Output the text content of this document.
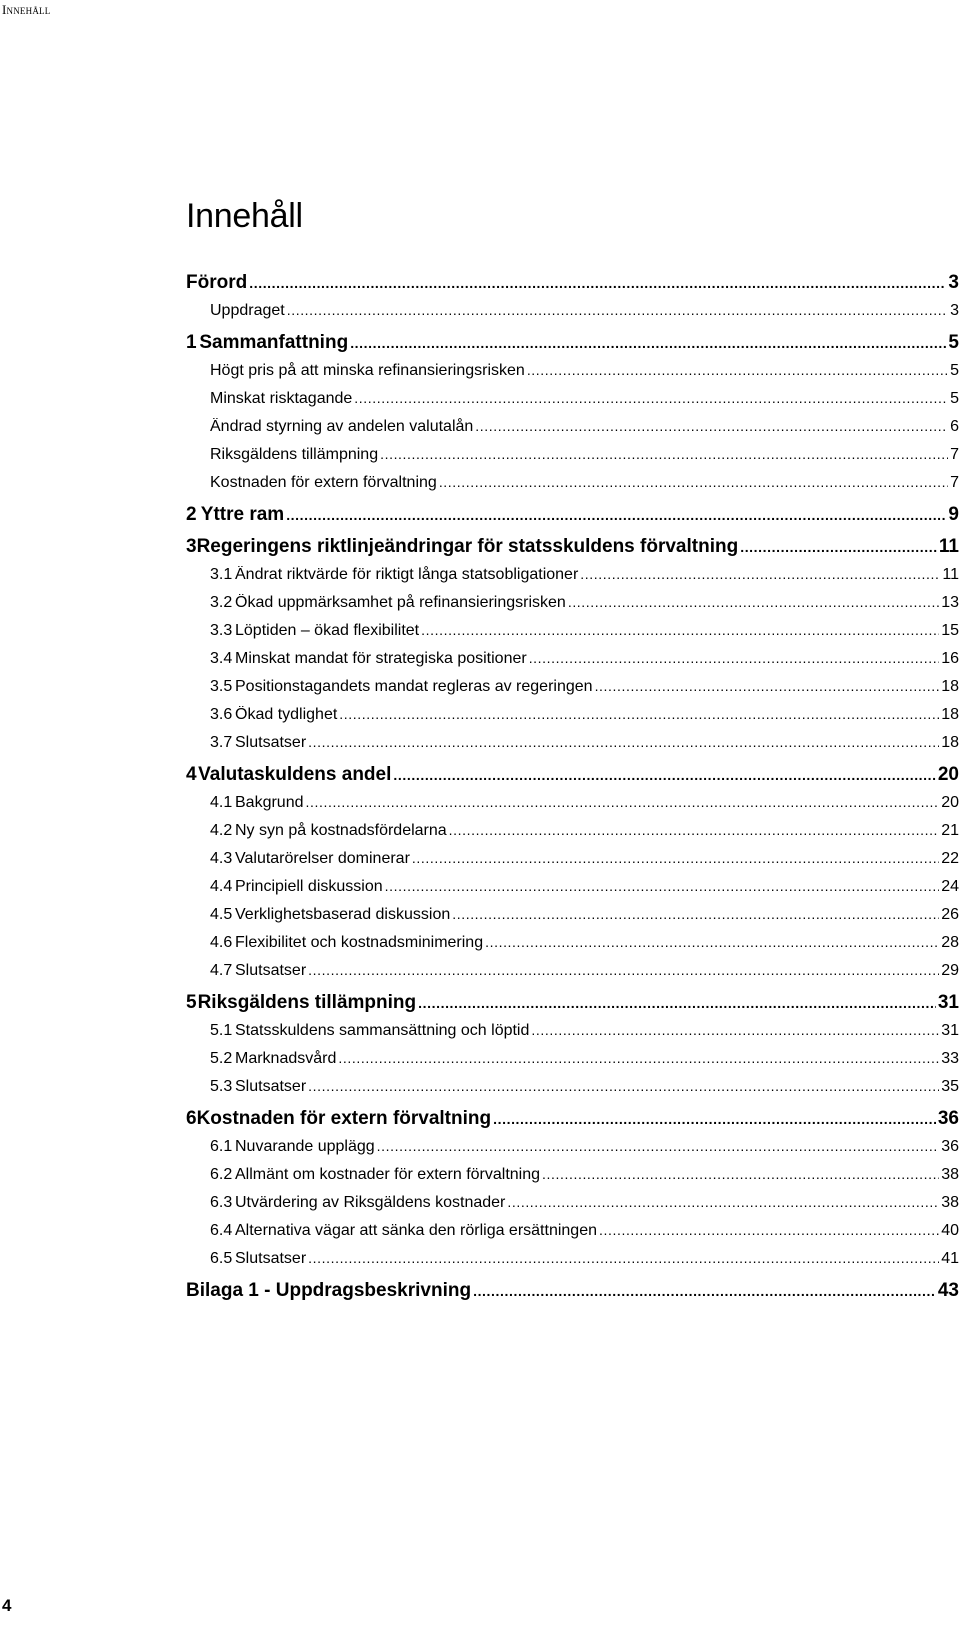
Innehåll
Innehåll
Förord .....	3
Uppdraget .....	3
1 Sammanfattning .....	5
Högt pris på att minska refinansieringsrisken .....	5
Minskat risktagande .....	5
Ändrad styrning av andelen valutalån .....	6
Riksgäldens tillämpning .....	7
Kostnaden för extern förvaltning .....	7
2 Yttre ram .....	9
3 Regeringens riktlinjeändringar för statsskuldens förvaltning .....	11
3.1 Ändrat riktvärde för riktigt långa statsobligationer .....	11
3.2 Ökad uppmärksamhet på refinansieringsrisken .....	13
3.3 Löptiden – ökad flexibilitet .....	15
3.4 Minskat mandat för strategiska positioner .....	16
3.5 Positionstagandets mandat regleras av regeringen .....	18
3.6 Ökad tydlighet .....	18
3.7 Slutsatser .....	18
4 Valutaskuldens andel .....	20
4.1 Bakgrund .....	20
4.2 Ny syn på kostnadsfördelarna .....	21
4.3 Valutarörelser dominerar .....	22
4.4 Principiell diskussion .....	24
4.5 Verklighetsbaserad diskussion .....	26
4.6 Flexibilitet och kostnadsminimering .....	28
4.7 Slutsatser .....	29
5 Riksgäldens tillämpning .....	31
5.1 Statsskuldens sammansättning och löptid .....	31
5.2 Marknadsvård .....	33
5.3 Slutsatser .....	35
6 Kostnaden för extern förvaltning .....	36
6.1 Nuvarande upplägg .....	36
6.2 Allmänt om kostnader för extern förvaltning .....	38
6.3 Utvärdering av Riksgäldens kostnader .....	38
6.4 Alternativa vägar att sänka den rörliga ersättningen .....	40
6.5 Slutsatser .....	41
Bilaga 1 - Uppdragsbeskrivning .....	43
4
